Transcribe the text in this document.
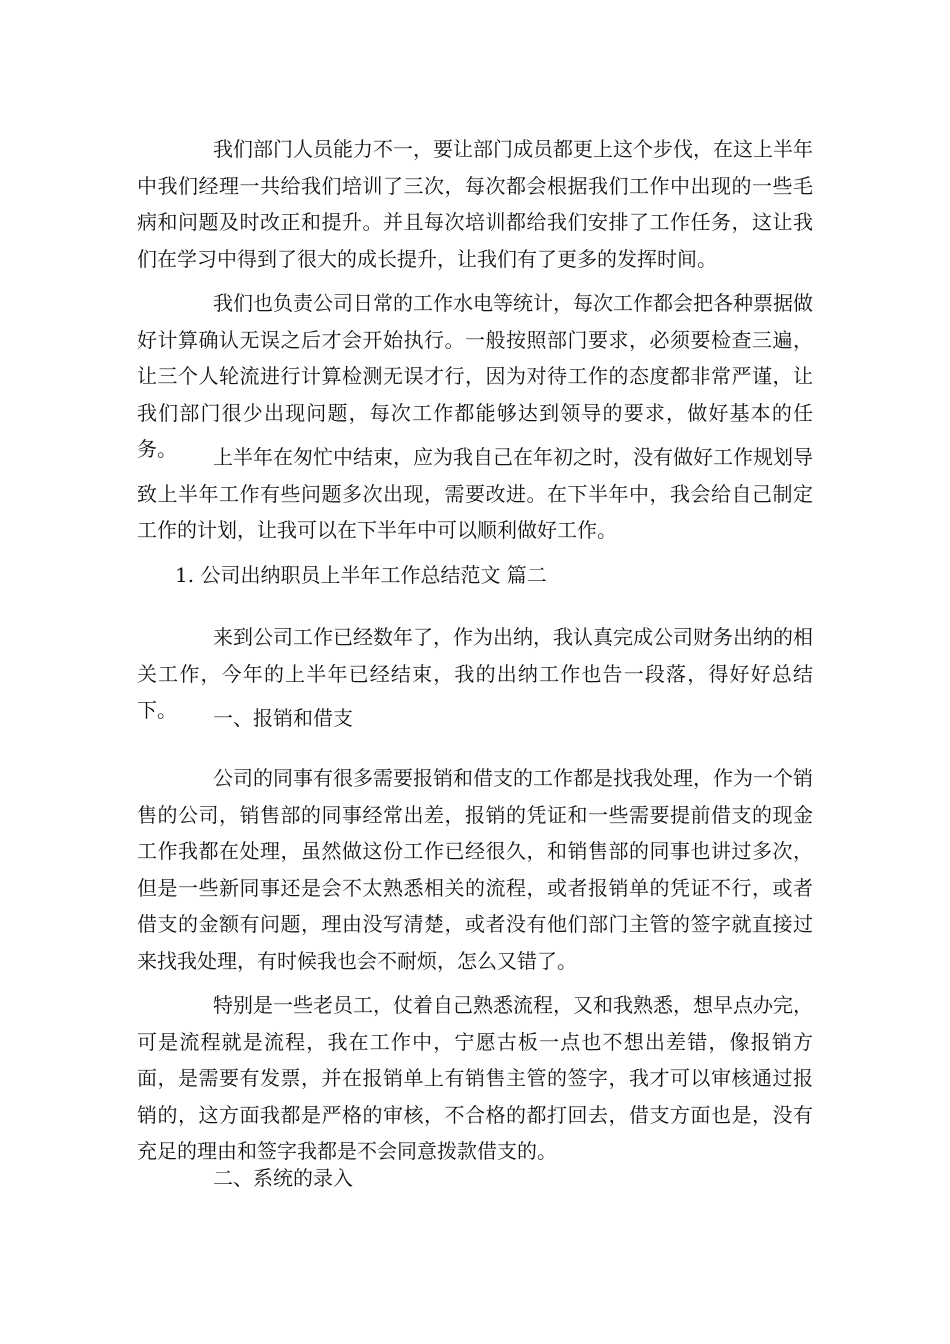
我们部门人员能力不一，要让部门成员都更上这个步伐，在这上半年中我们经理一共给我们培训了三次，每次都会根据我们工作中出现的一些毛病和问题及时改正和提升。并且每次培训都给我们安排了工作任务，这让我们在学习中得到了很大的成长提升，让我们有了更多的发挥时间。

我们也负责公司日常的工作水电等统计，每次工作都会把各种票据做好计算确认无误之后才会开始执行。一般按照部门要求，必须要检查三遍，让三个人轮流进行计算检测无误才行，因为对待工作的态度都非常严谨，让我们部门很少出现问题，每次工作都能够达到领导的要求，做好基本的任务。	上半年在匆忙中结束，应为我自己在年初之时，没有做好工作规划导致上半年工作有些问题多次出现，需要改进。在下半年中，我会给自己制定工作的计划，让我可以在下半年中可以顺利做好工作。

1. 公司出纳职员上半年工作总结范文 篇二

来到公司工作已经数年了，作为出纳，我认真完成公司财务出纳的相关工作，今年的上半年已经结束，我的出纳工作也告一段落，得好好总结下。	一、报销和借支

公司的同事有很多需要报销和借支的工作都是找我处理，作为一个销售的公司，销售部的同事经常出差，报销的凭证和一些需要提前借支的现金工作我都在处理，虽然做这份工作已经很久，和销售部的同事也讲过多次，但是一些新同事还是会不太熟悉相关的流程，或者报销单的凭证不行，或者借支的金额有问题，理由没写清楚，或者没有他们部门主管的签字就直接过来找我处理，有时候我也会不耐烦，怎么又错了。

特别是一些老员工，仗着自己熟悉流程，又和我熟悉，想早点办完，可是流程就是流程，我在工作中，宁愿古板一点也不想出差错，像报销方面，是需要有发票，并在报销单上有销售主管的签字，我才可以审核通过报销的，这方面我都是严格的审核，不合格的都打回去，借支方面也是，没有充足的理由和签字我都是不会同意拨款借支的。

二、系统的录入
